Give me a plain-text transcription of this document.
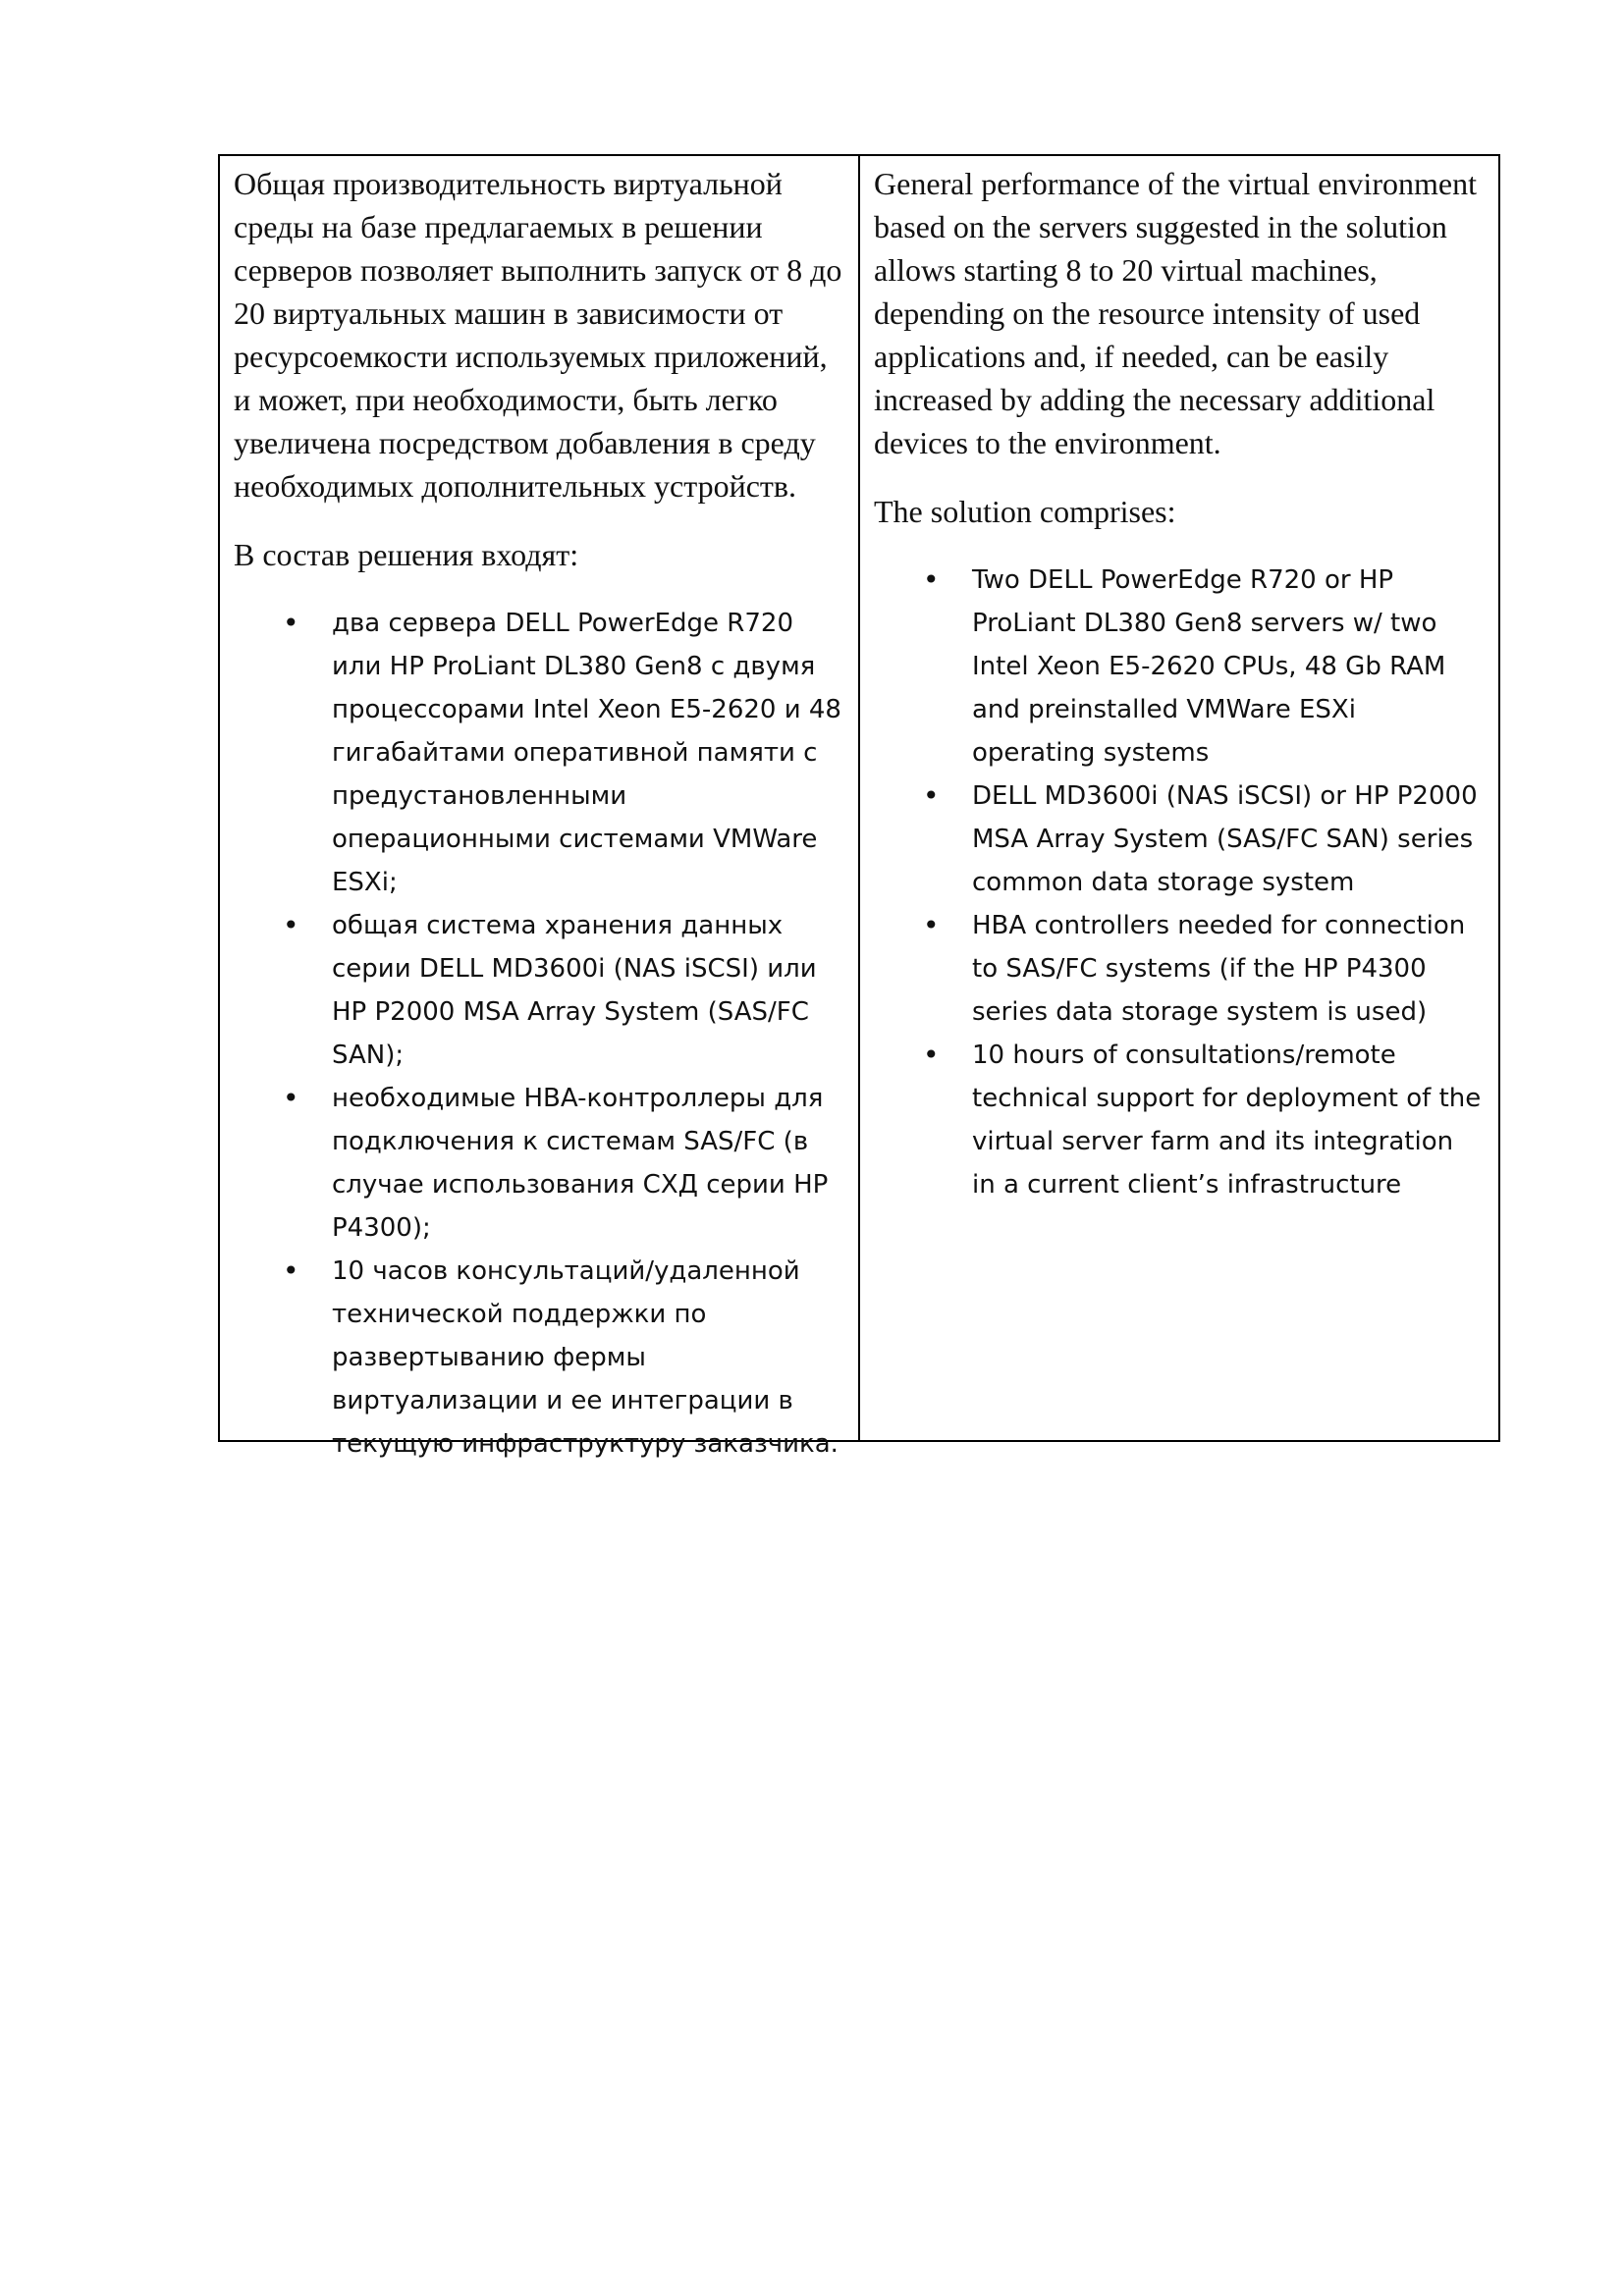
Общая производительность виртуальной среды на базе предлагаемых в решении серверов позволяет выполнить запуск от 8 до 20 виртуальных машин в зависимости от ресурсоемкости используемых приложений, и может, при необходимости, быть легко увеличена посредством добавления в среду необходимых дополнительных устройств.

В состав решения входят:

• два сервера DELL PowerEdge R720 или HP ProLiant DL380 Gen8 с двумя процессорами Intel Xeon E5-2620 и 48 гигабайтами оперативной памяти с предустановленными операционными системами VMWare ESXi;
• общая система хранения данных серии DELL MD3600i (NAS iSCSI) или HP P2000 MSA Array System (SAS/FC SAN);
• необходимые HBA-контроллеры для подключения к системам SAS/FC (в случае использования СХД серии HP P4300);
• 10 часов консультаций/удаленной технической поддержки по развертыванию фермы виртуализации и ее интеграции в текущую инфраструктуру заказчика.

General performance of the virtual environment based on the servers suggested in the solution allows starting 8 to 20 virtual machines, depending on the resource intensity of used applications and, if needed, can be easily increased by adding the necessary additional devices to the environment.

The solution comprises:

• Two DELL PowerEdge R720 or HP ProLiant DL380 Gen8 servers w/ two Intel Xeon E5-2620 CPUs, 48 Gb RAM and preinstalled VMWare ESXi operating systems
• DELL MD3600i (NAS iSCSI) or HP P2000 MSA Array System (SAS/FC SAN) series common data storage system
• HBA controllers needed for connection to SAS/FC systems (if the HP P4300 series data storage system is used)
• 10 hours of consultations/remote technical support for deployment of the virtual server farm and its integration in a current client’s infrastructure
